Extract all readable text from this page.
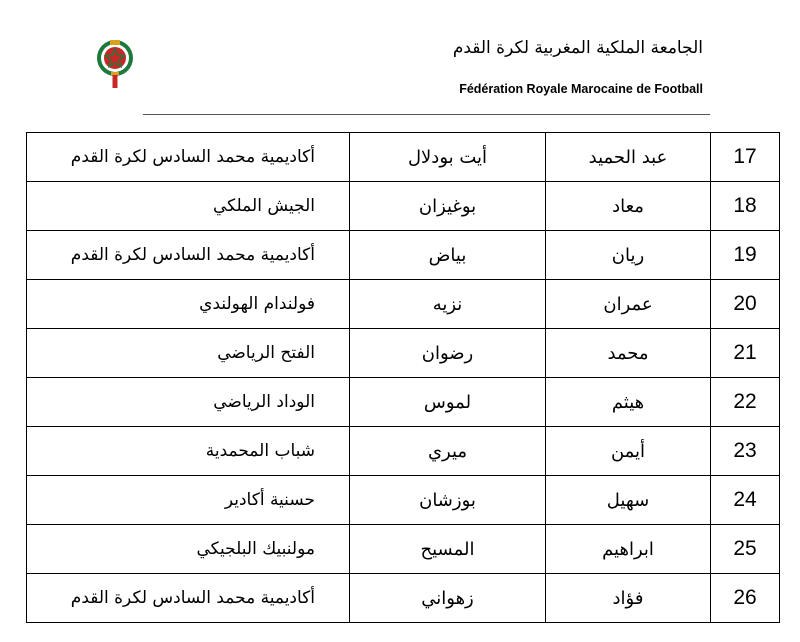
الجامعة الملكية المغربية لكرة القدم
Fédération Royale Marocaine de Football
أكاديمية محمد السادس لكرة القدم	أيت بودلال	عبد الحميد	17
الجيش الملكي	بوغيزان	معاد	18
أكاديمية محمد السادس لكرة القدم	بياض	ريان	19
فولندام الهولندي	نزيه	عمران	20
الفتح الرياضي	رضوان	محمد	21
الوداد الرياضي	لموس	هيثم	22
شباب المحمدية	ميري	أيمن	23
حسنية أكادير	بوزشان	سهيل	24
مولنبيك البلجيكي	المسيح	ابراهيم	25
أكاديمية محمد السادس لكرة القدم	زهواني	فؤاد	26
